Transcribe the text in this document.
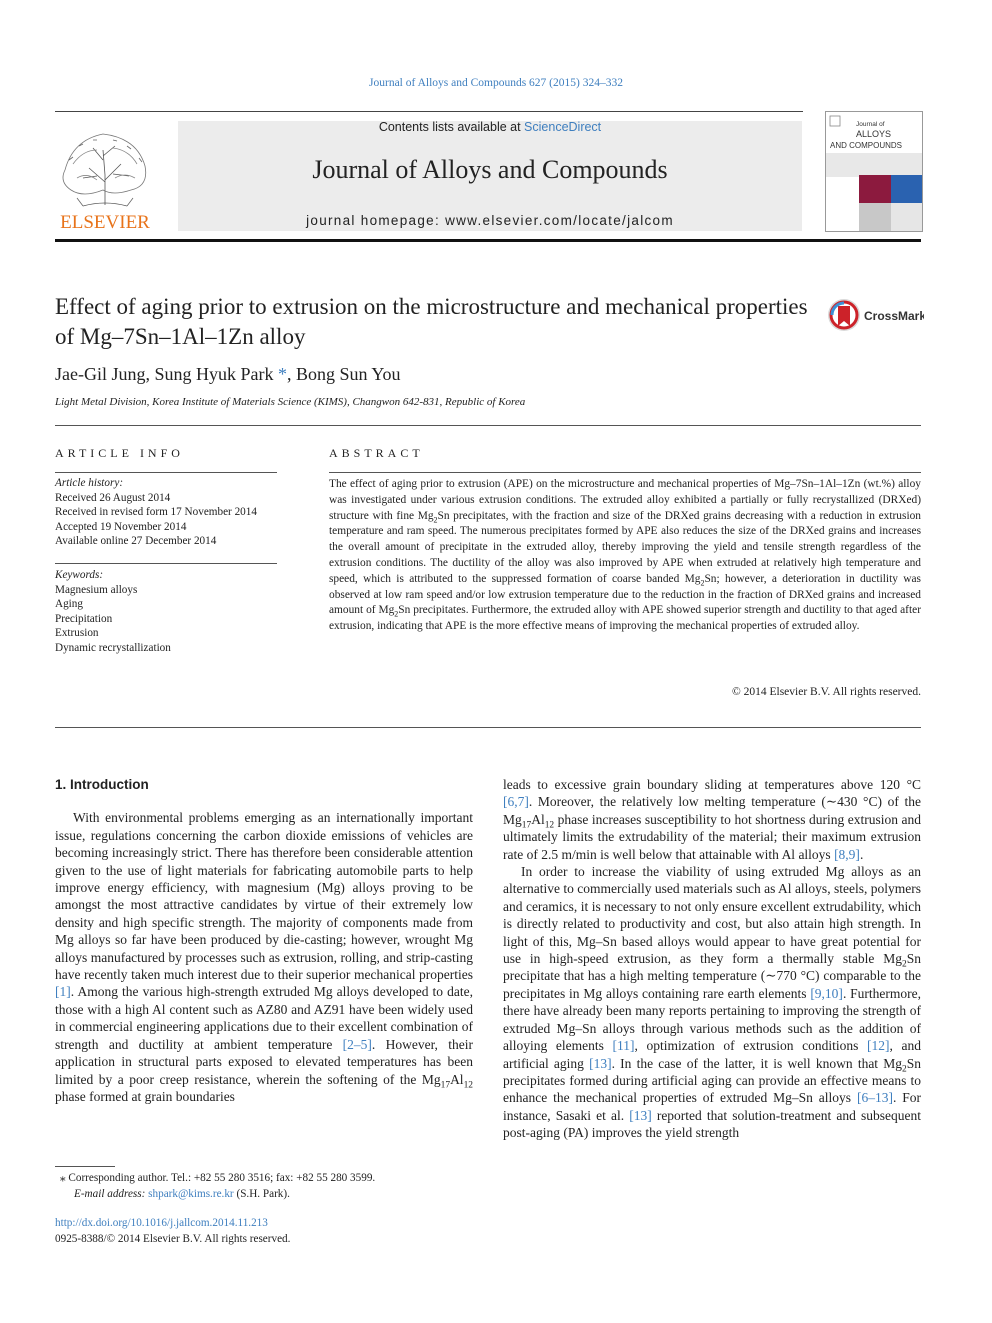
Journal of Alloys and Compounds 627 (2015) 324–332
ELSEVIER
Contents lists available at ScienceDirect
Journal of Alloys and Compounds
journal homepage: www.elsevier.com/locate/jalcom
Journal of
ALLOYS
AND COMPOUNDS
Effect of aging prior to extrusion on the microstructure and mechanical properties of Mg–7Sn–1Al–1Zn alloy
CrossMark
Jae-Gil Jung, Sung Hyuk Park *, Bong Sun You
Light Metal Division, Korea Institute of Materials Science (KIMS), Changwon 642-831, Republic of Korea
ARTICLE INFO
Article history:
Received 26 August 2014
Received in revised form 17 November 2014
Accepted 19 November 2014
Available online 27 December 2014
Keywords:
Magnesium alloys
Aging
Precipitation
Extrusion
Dynamic recrystallization
ABSTRACT
The effect of aging prior to extrusion (APE) on the microstructure and mechanical properties of Mg–7Sn–1Al–1Zn (wt.%) alloy was investigated under various extrusion conditions. The extruded alloy exhibited a partially or fully recrystallized (DRXed) structure with fine $Mg_2Sn$ precipitates, with the fraction and size of the DRXed grains decreasing with a reduction in extrusion temperature and ram speed. The numerous precipitates formed by APE also reduces the size of the DRXed grains and increases the overall amount of precipitate in the extruded alloy, thereby improving the yield and tensile strength regardless of the extrusion conditions. The ductility of the alloy was also improved by APE when extruded at relatively high temperature and speed, which is attributed to the suppressed formation of coarse banded $Mg_2Sn$; however, a deterioration in ductility was observed at low ram speed and/or low extrusion temperature due to the reduction in the fraction of DRXed grains and increased amount of $Mg_2Sn$ precipitates. Furthermore, the extruded alloy with APE showed superior strength and ductility to that aged after extrusion, indicating that APE is the more effective means of improving the mechanical properties of extruded alloy.
© 2014 Elsevier B.V. All rights reserved.

1. Introduction

With environmental problems emerging as an internationally important issue, regulations concerning the carbon dioxide emissions of vehicles are becoming increasingly strict. There has therefore been considerable attention given to the use of light materials for fabricating automobile parts to help improve energy efficiency, with magnesium (Mg) alloys proving to be amongst the most attractive candidates by virtue of their extremely low density and high specific strength. The majority of components made from Mg alloys so far have been produced by die-casting; however, wrought Mg alloys manufactured by processes such as extrusion, rolling, and strip-casting have recently taken much interest due to their superior mechanical properties [1]. Among the various high-strength extruded Mg alloys developed to date, those with a high Al content such as AZ80 and AZ91 have been widely used in commercial engineering applications due to their excellent combination of strength and ductility at ambient temperature [2–5]. However, their application in structural parts exposed to elevated temperatures has been limited by a poor creep resistance, wherein the softening of the $Mg_{17}Al_{12}$ phase formed at grain boundaries

leads to excessive grain boundary sliding at temperatures above 120 °C [6,7]. Moreover, the relatively low melting temperature (∼430 °C) of the $Mg_{17}Al_{12}$ phase increases susceptibility to hot shortness during extrusion and ultimately limits the extrudability of the material; their maximum extrusion rate of 2.5 m/min is well below that attainable with Al alloys [8,9].

In order to increase the viability of using extruded Mg alloys as an alternative to commercially used materials such as Al alloys, steels, polymers and ceramics, it is necessary to not only ensure excellent extrudability, which is directly related to productivity and cost, but also attain high strength. In light of this, Mg–Sn based alloys would appear to have great potential for use in high-speed extrusion, as they form a thermally stable $Mg_2Sn$ precipitate that has a high melting temperature (∼770 °C) comparable to the precipitates in Mg alloys containing rare earth elements [9,10]. Furthermore, there have already been many reports pertaining to improving the strength of extruded Mg–Sn alloys through various methods such as the addition of alloying elements [11], optimization of extrusion conditions [12], and artificial aging [13]. In the case of the latter, it is well known that $Mg_2Sn$ precipitates formed during artificial aging can provide an effective means to enhance the mechanical properties of extruded Mg–Sn alloys [6–13]. For instance, Sasaki et al. [13] reported that solution-treatment and subsequent post-aging (PA) improves the yield strength

⁎ Corresponding author. Tel.: +82 55 280 3516; fax: +82 55 280 3599.
E-mail address: shpark@kims.re.kr (S.H. Park).
http://dx.doi.org/10.1016/j.jallcom.2014.11.213
0925-8388/© 2014 Elsevier B.V. All rights reserved.
